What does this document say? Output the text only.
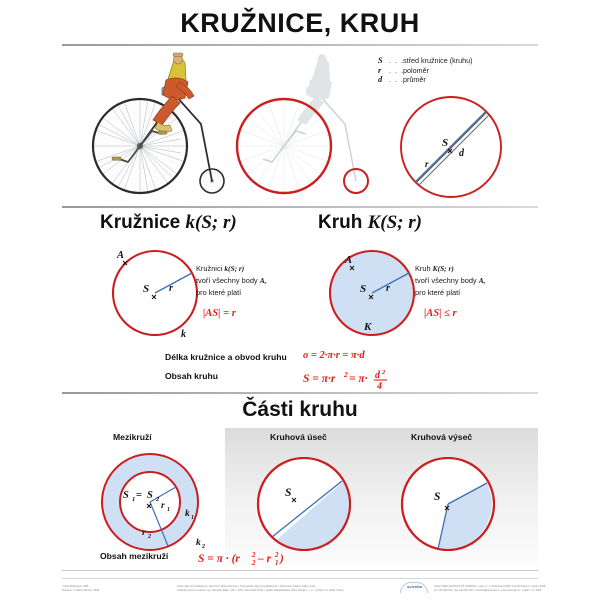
KRUŽNICE, KRUH
S . . . střed kružnice (kruhu)
r	. . . poloměr
d . . . průměr
S
d
r
Kružnice k(S; r)
A
S r
k
Kružnici k(S; r)
tvoří všechny body A,
pro které platí
|AS| = r
Kruh K(S; r)
A
S r
K
Kruh K(S; r)
tvoří všechny body A,
pro které platí
|AS| ≤ r
Délka kružnice a obvod kruhu o = 2·π·r = π·d
Obsah kruhu	S = π·r 2 = π· d 2
4
Části kruhu
Mezikruží
S 1 = S 2
r 1
r 2
k 1
k 2
Obsah mezikruží	S = π · (r 2
2 – r 1
2 )
Kruhová úseč
S
Kruhová výseč
S
© Eva Müllerová, 2008
Ilustrace: © Martin Dlouhý, 2008
Autor: Mgr. Eva Müllerová • Recenze: Marie Krbcová • Odpovědná: Mgr. Eva Müllerová • Technická redakce: Milan Jurek
Grafická úprava a sazba: Ing. Stanislav Eliáš, CSc. • DTP: Alexandra Tichá • Vydalo Nakladatelství Vilém Novák s. r. o. • Vydání 1.0, 2008, Praha
scientia	Vydal: NAKLADATELSTVÍ SCIENTIA, spol. s r. o. Pobočná 1019/6, 130 00 Praha 3, vydání 2008
tel. 222 522 023 • fax 222 522 024 • obchod@scientia.cz • www.scientia.cz • vydání 1.0, 2008
